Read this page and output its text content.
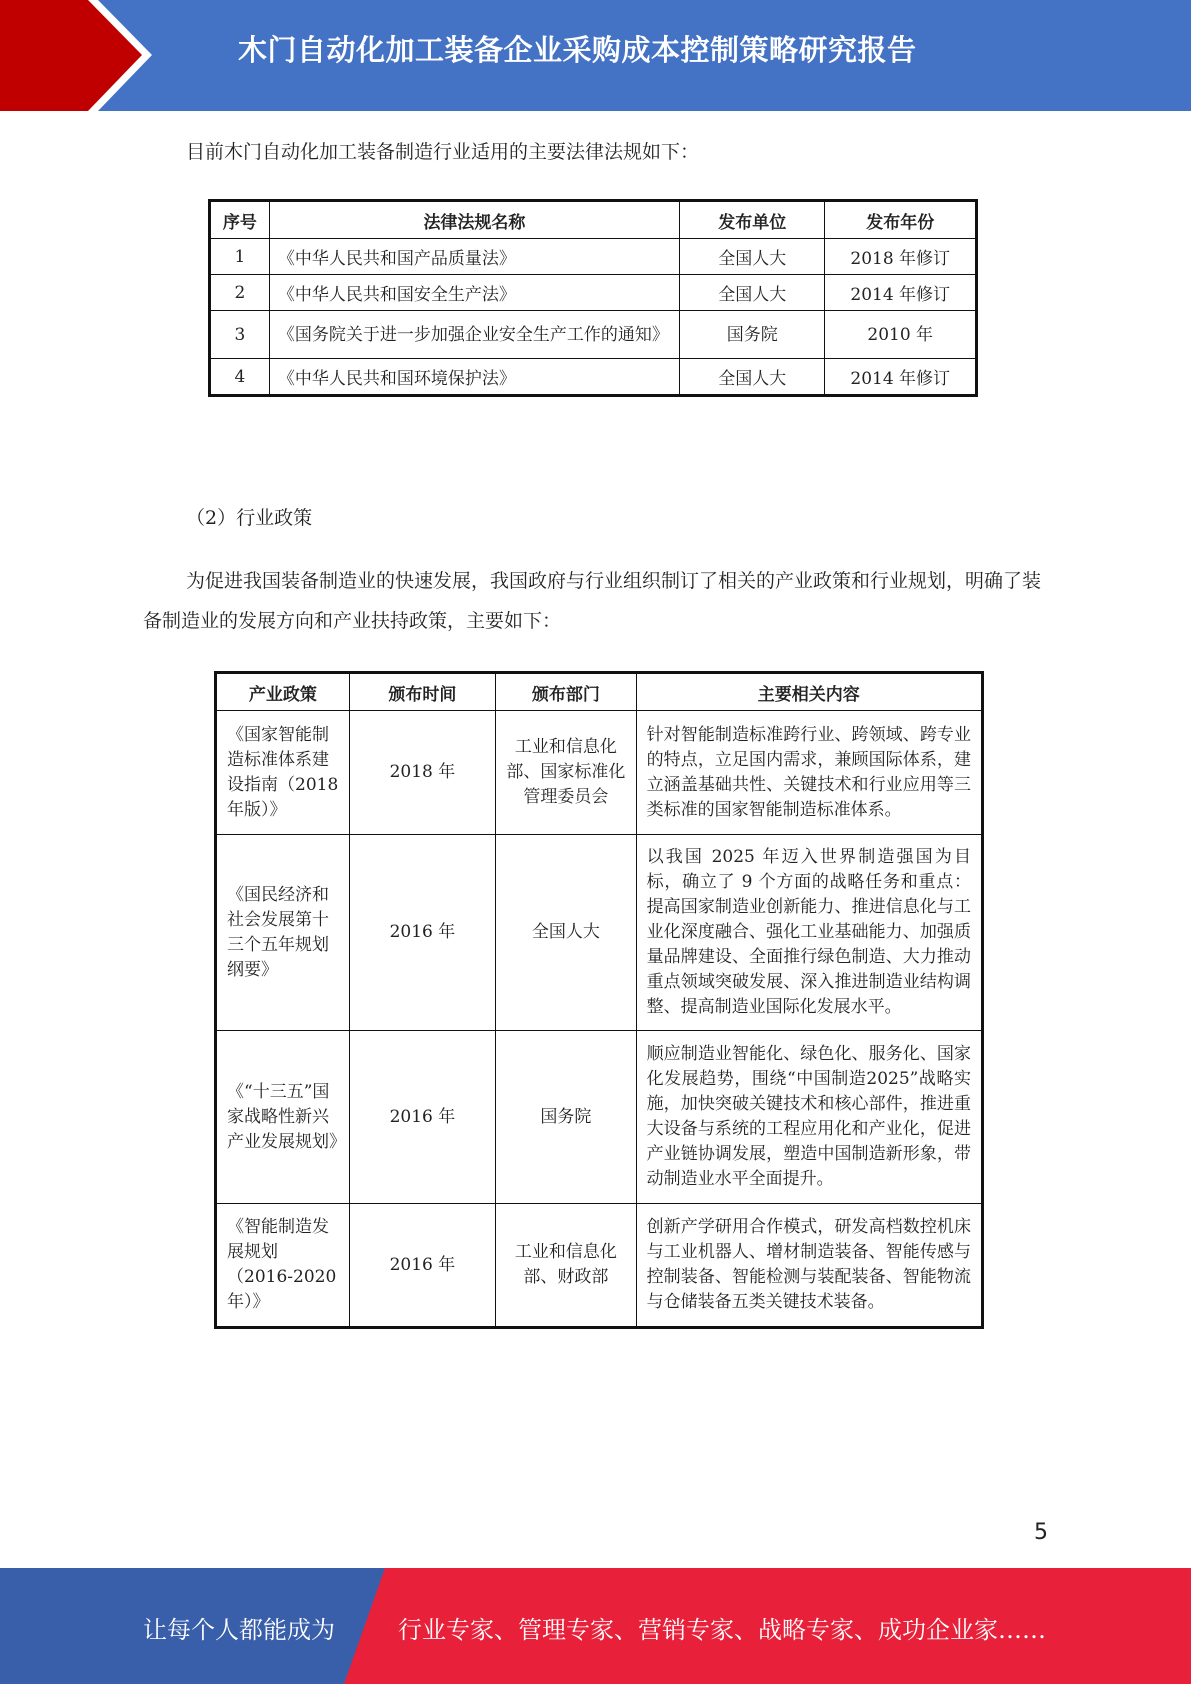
木门自动化加工装备企业采购成本控制策略研究报告
目前木门自动化加工装备制造行业适用的主要法律法规如下：
序号	法律法规名称	发布单位	发布年份
1	《中华人民共和国产品质量法》	全国人大	2018 年修订
2	《中华人民共和国安全生产法》	全国人大	2014 年修订
3	《国务院关于进一步加强企业安全生产工作的通知》	国务院	2010 年
4	《中华人民共和国环境保护法》	全国人大	2014 年修订
（2）行业政策
为促进我国装备制造业的快速发展，我国政府与行业组织制订了相关的产业政策和行业规划，明确了装备制造业的发展方向和产业扶持政策，主要如下：
产业政策	颁布时间	颁布部门	主要相关内容
《国家智能制造标准体系建设指南（2018年版）》	2018 年	工业和信息化部、国家标准化管理委员会	针对智能制造标准跨行业、跨领域、跨专业的特点，立足国内需求，兼顾国际体系，建立涵盖基础共性、关键技术和行业应用等三类标准的国家智能制造标准体系。
《国民经济和社会发展第十三个五年规划纲要》	2016 年	全国人大	以我国 2025 年迈入世界制造强国为目标，确立了 9 个方面的战略任务和重点：提高国家制造业创新能力、推进信息化与工业化深度融合、强化工业基础能力、加强质量品牌建设、全面推行绿色制造、大力推动重点领域突破发展、深入推进制造业结构调整、提高制造业国际化发展水平。
《“十三五”国家战略性新兴产业发展规划》	2016 年	国务院	顺应制造业智能化、绿色化、服务化、国家化发展趋势，围绕“中国制造2025”战略实施，加快突破关键技术和核心部件，推进重大设备与系统的工程应用化和产业化，促进产业链协调发展，塑造中国制造新形象，带动制造业水平全面提升。
《智能制造发展规划（2016-2020年）》	2016 年	工业和信息化部、财政部	创新产学研用合作模式，研发高档数控机床与工业机器人、增材制造装备、智能传感与控制装备、智能检测与装配装备、智能物流与仓储装备五类关键技术装备。
5
让每个人都能成为	行业专家、管理专家、营销专家、战略专家、成功企业家……
